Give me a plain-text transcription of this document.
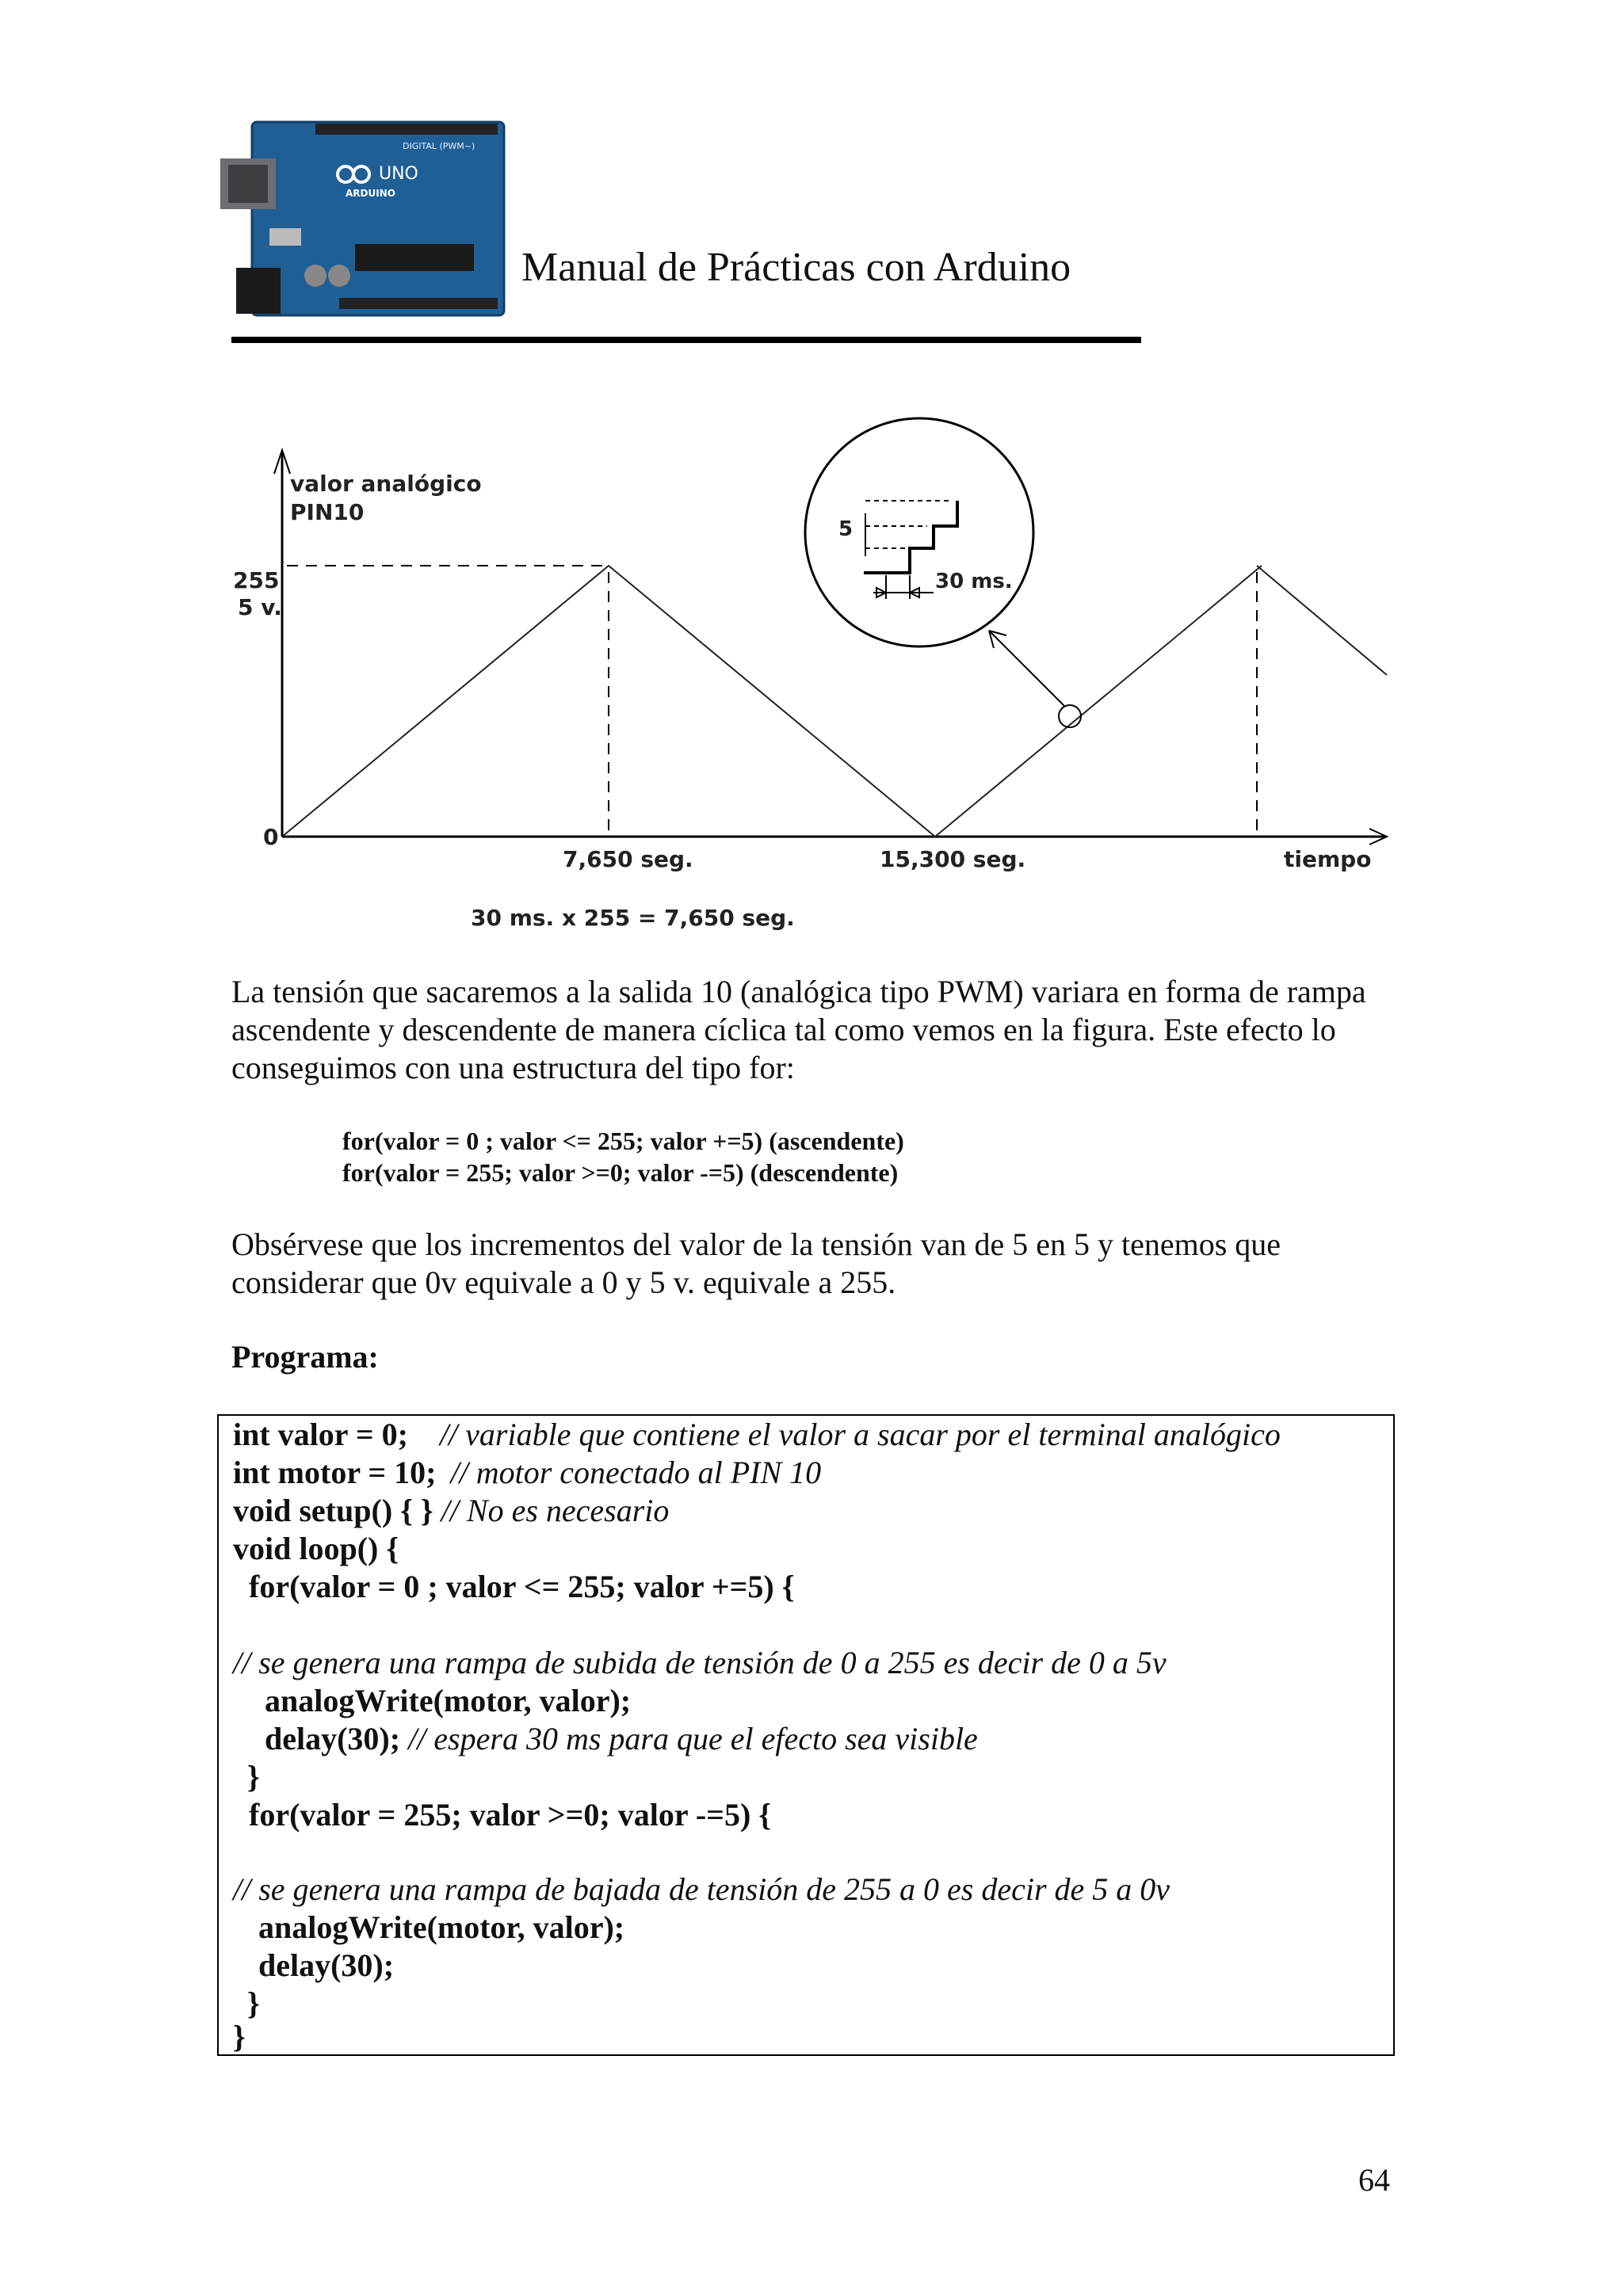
DIGITAL (PWM~)
UNO
ARDUINO
Manual de Prácticas con Arduino
5
30 ms.
valor analógico
PIN10
255
5 v.
0
7,650 seg.	15,300 seg.	tiempo
30 ms. x 255 = 7,650 seg.
La tensión que sacaremos a la salida 10 (analógica tipo PWM) variara en forma de rampa ascendente y descendente de manera cíclica tal como vemos en la figura. Este efecto lo conseguimos con una estructura del tipo for:
for(valor = 0 ; valor <= 255; valor +=5) (ascendente)
for(valor = 255; valor >=0; valor -=5) (descendente)
Obsérvese que los incrementos del valor de la tensión van de 5 en 5 y tenemos que considerar que 0v equivale a 0 y 5 v. equivale a 255.
Programa:
int valor = 0; // variable que contiene el valor a sacar por el terminal analógico
int motor = 10; // motor conectado al PIN 10
void setup() { } // No es necesario
void loop() {
for(valor = 0 ; valor <= 255; valor +=5) {
// se genera una rampa de subida de tensión de 0 a 255 es decir de 0 a 5v
analogWrite(motor, valor);
delay(30); // espera 30 ms para que el efecto sea visible
}
for(valor = 255; valor >=0; valor -=5) {
// se genera una rampa de bajada de tensión de 255 a 0 es decir de 5 a 0v
analogWrite(motor, valor);
delay(30);
}
}
64
